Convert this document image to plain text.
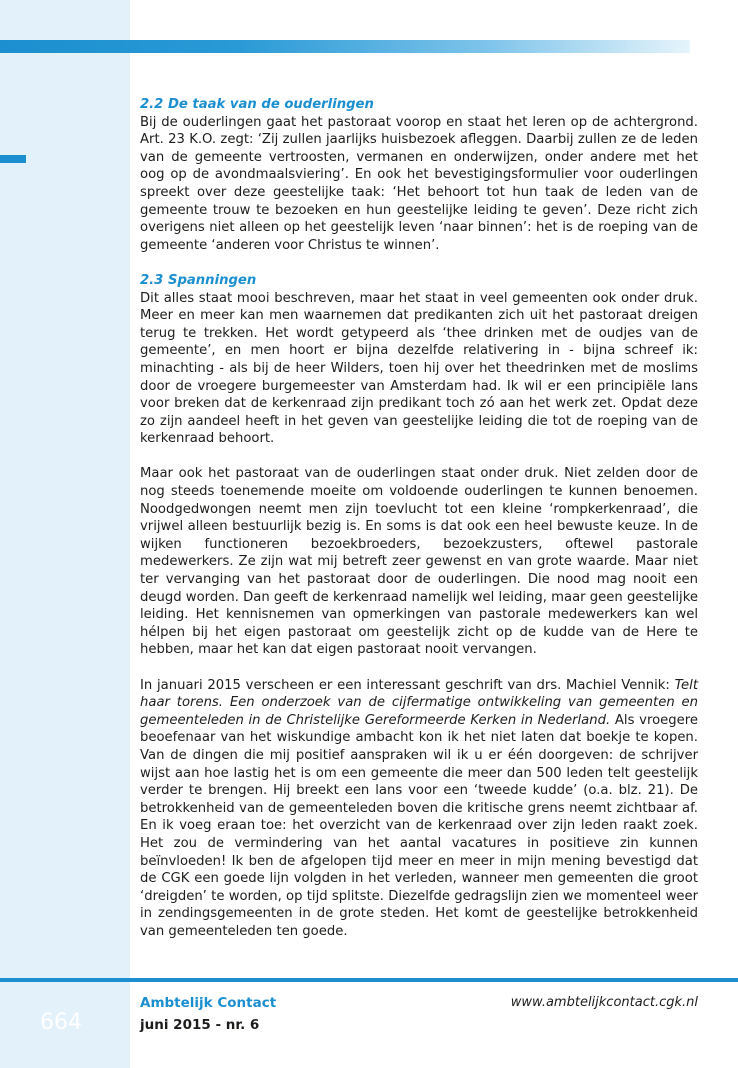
2.2 De taak van de ouderlingen

Bij de ouderlingen gaat het pastoraat voorop en staat het leren op de achtergrond. Art. 23 K.O. zegt: ‘Zij zullen jaarlijks huisbezoek afleggen. Daarbij zullen ze de leden van de gemeente vertroosten, vermanen en onderwijzen, onder andere met het oog op de avondmaalsviering’. En ook het bevestigingsformulier voor ouderlingen spreekt over deze geestelijke taak: ‘Het behoort tot hun taak de leden van de gemeente trouw te bezoeken en hun geestelijke leiding te geven’. Deze richt zich overigens niet alleen op het geestelijk leven ‘naar binnen’: het is de roeping van de gemeente ‘anderen voor Christus te winnen’.

2.3 Spanningen

Dit alles staat mooi beschreven, maar het staat in veel gemeenten ook onder druk. Meer en meer kan men waarnemen dat predikanten zich uit het pastoraat dreigen terug te trekken. Het wordt getypeerd als ‘thee drinken met de oudjes van de gemeente’, en men hoort er bijna dezelfde relativering in - bijna schreef ik: minachting - als bij de heer Wilders, toen hij over het theedrinken met de moslims door de vroegere burgemeester van Amsterdam had. Ik wil er een principiële lans voor breken dat de kerkenraad zijn predikant toch zó aan het werk zet. Opdat deze zo zijn aandeel heeft in het geven van geestelijke leiding die tot de roeping van de kerkenraad behoort.

Maar ook het pastoraat van de ouderlingen staat onder druk. Niet zelden door de nog steeds toenemende moeite om voldoende ouderlingen te kunnen benoemen. Noodgedwongen neemt men zijn toevlucht tot een kleine ‘rompkerkenraad’, die vrijwel alleen bestuurlijk bezig is. En soms is dat ook een heel bewuste keuze. In de wijken functioneren bezoekbroeders, bezoekzusters, oftewel pastorale medewerkers. Ze zijn wat mij betreft zeer gewenst en van grote waarde. Maar niet ter vervanging van het pastoraat door de ouderlingen. Die nood mag nooit een deugd worden. Dan geeft de kerkenraad namelijk wel leiding, maar geen geestelijke leiding. Het kennisnemen van opmerkingen van pastorale medewerkers kan wel hélpen bij het eigen pastoraat om geestelijk zicht op de kudde van de Here te hebben, maar het kan dat eigen pastoraat nooit vervangen.

In januari 2015 verscheen er een interessant geschrift van drs. Machiel Vennik: Telt haar torens. Een onderzoek van de cijfermatige ontwikkeling van gemeenten en gemeenteleden in de Christelijke Gereformeerde Kerken in Nederland. Als vroegere beoefenaar van het wiskundige ambacht kon ik het niet laten dat boekje te kopen. Van de dingen die mij positief aanspraken wil ik u er één doorgeven: de schrijver wijst aan hoe lastig het is om een gemeente die meer dan 500 leden telt geestelijk verder te brengen. Hij breekt een lans voor een ‘tweede kudde’ (o.a. blz. 21). De betrokkenheid van de gemeenteleden boven die kritische grens neemt zichtbaar af. En ik voeg eraan toe: het overzicht van de kerkenraad over zijn leden raakt zoek. Het zou de vermindering van het aantal vacatures in positieve zin kunnen beïnvloeden! Ik ben de afgelopen tijd meer en meer in mijn mening bevestigd dat de CGK een goede lijn volgden in het verleden, wanneer men gemeenten die groot ‘dreigden’ te worden, op tijd splitste. Diezelfde gedragslijn zien we momenteel weer in zendingsgemeenten in de grote steden. Het komt de geestelijke betrokkenheid van gemeenteleden ten goede.

664
Ambtelijk Contact
juni 2015 - nr. 6
www.ambtelijkcontact.cgk.nl
